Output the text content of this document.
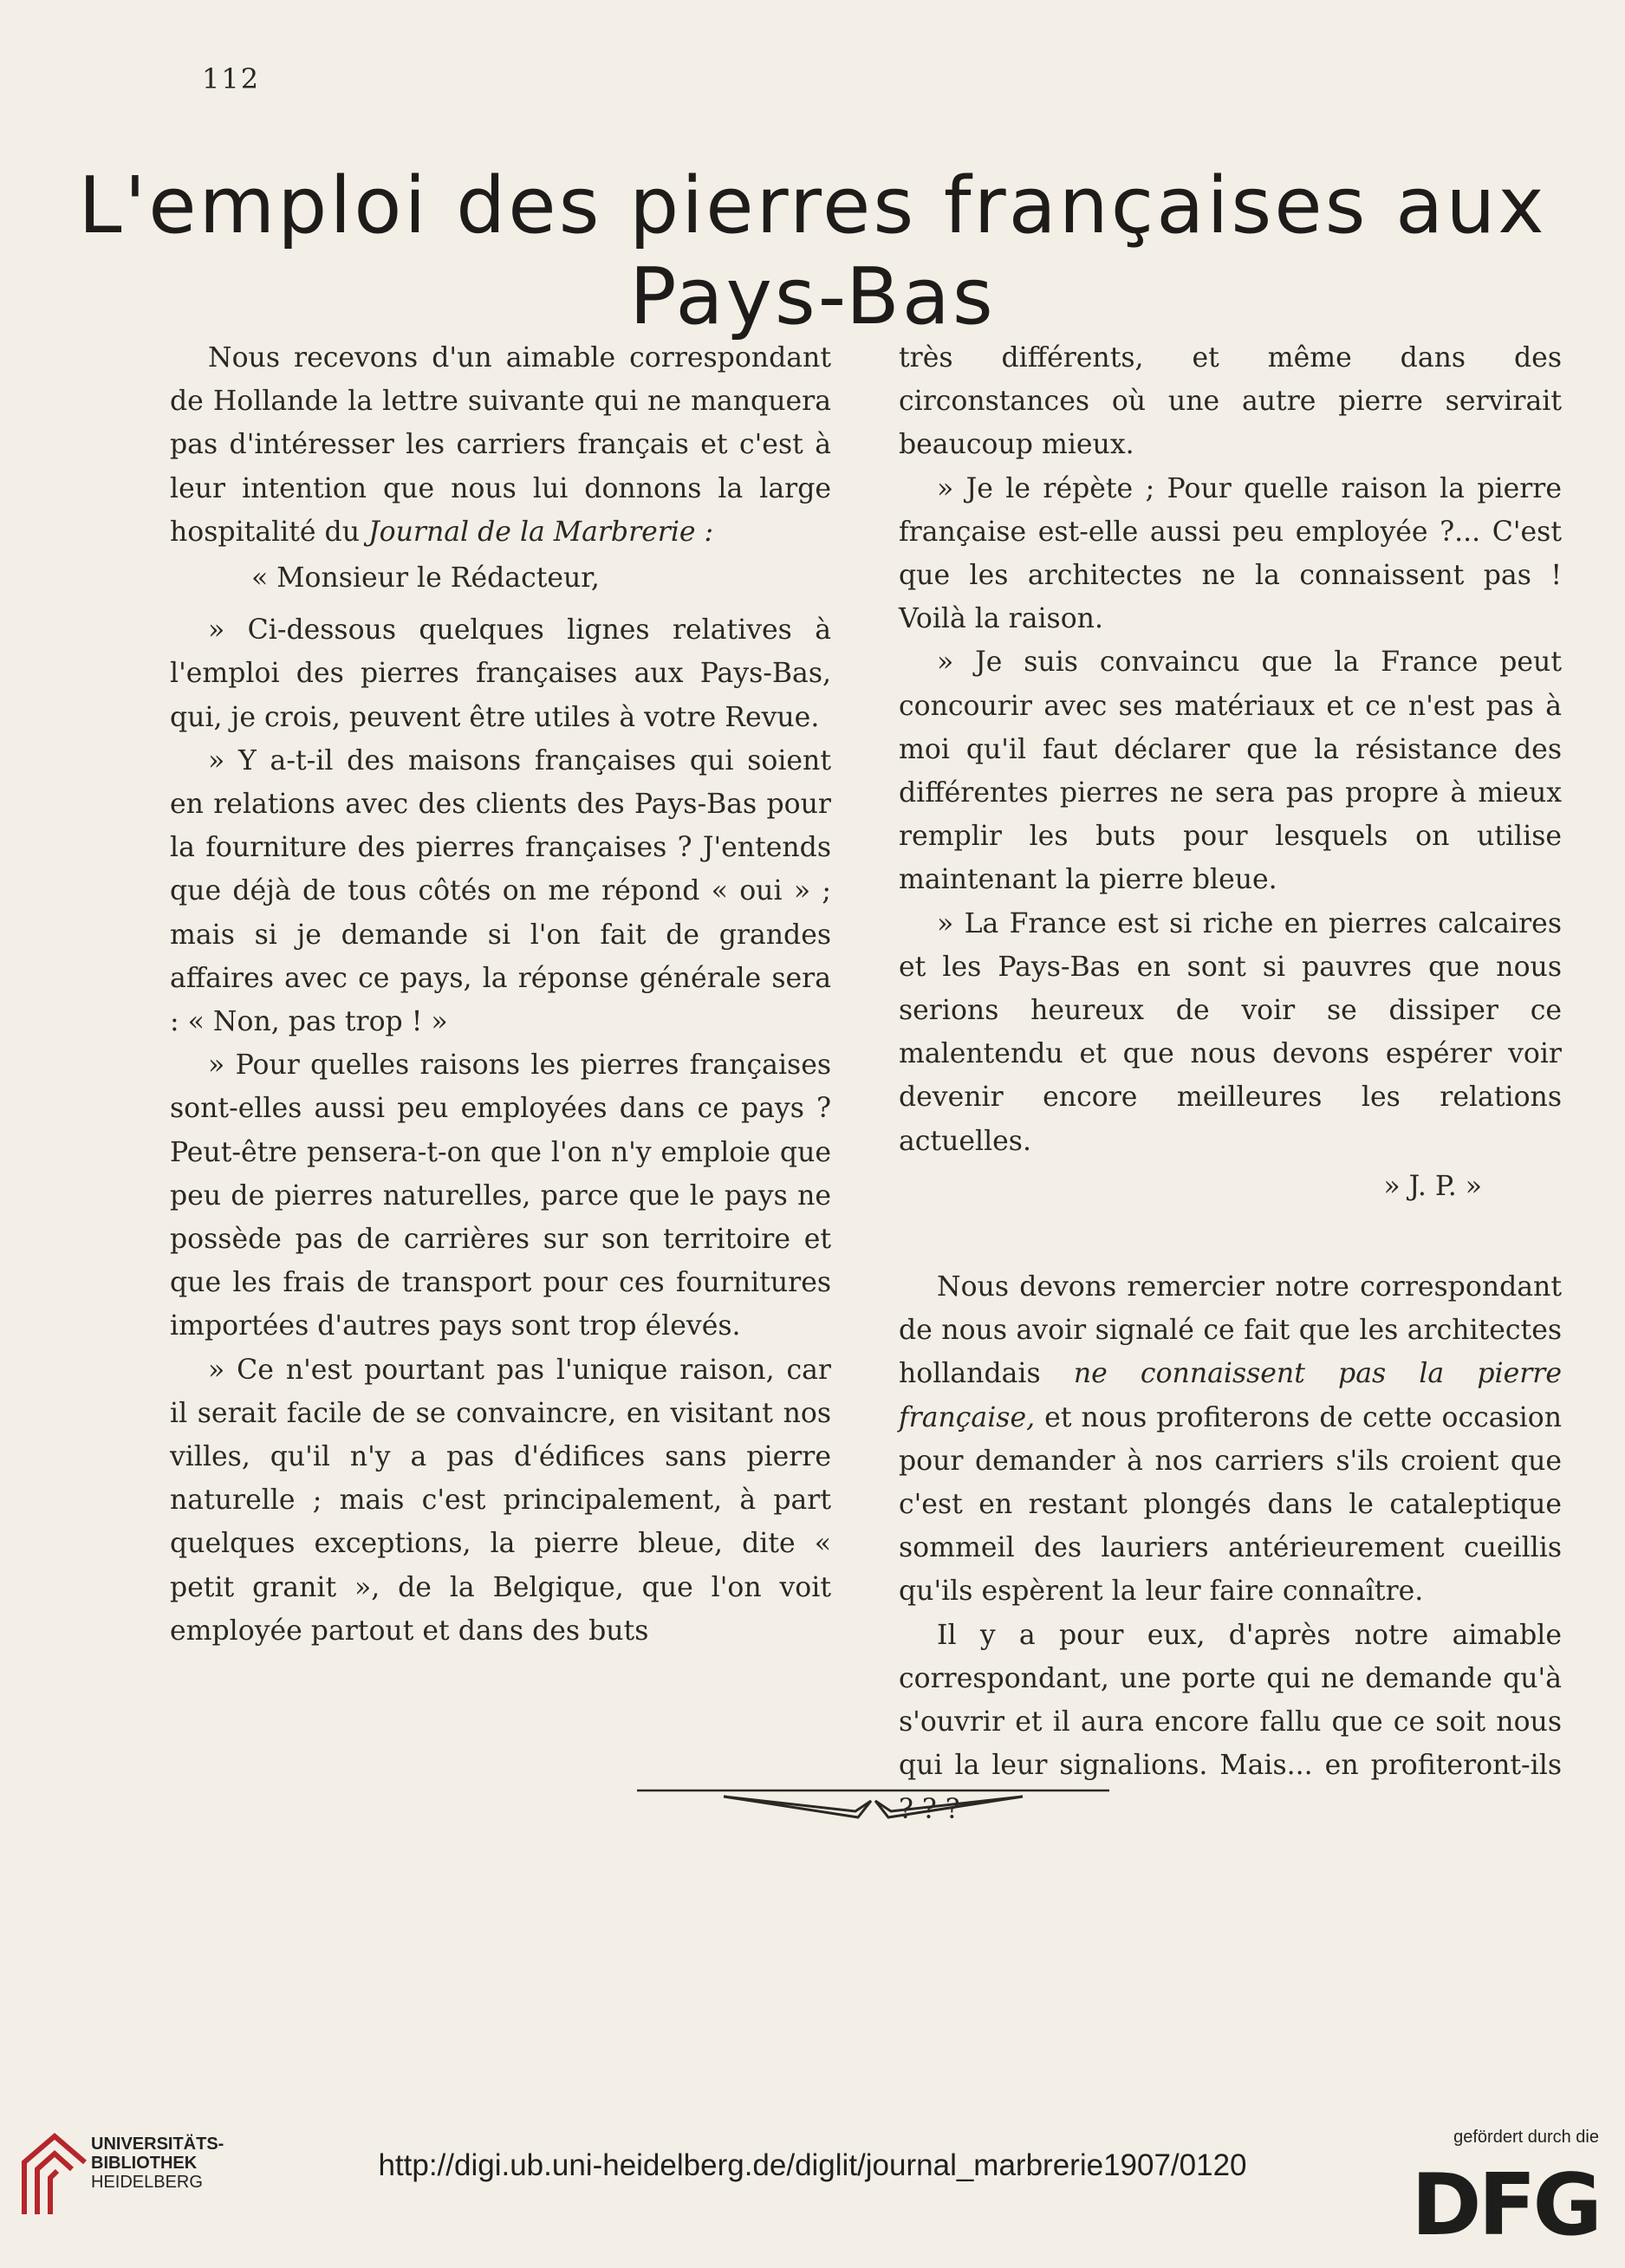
112
L'emploi des pierres françaises aux Pays-Bas

Nous recevons d'un aimable correspondant de Hollande la lettre suivante qui ne manquera pas d'intéresser les carriers français et c'est à leur intention que nous lui donnons la large hospitalité du Journal de la Marbrerie :

« Monsieur le Rédacteur,

» Ci-dessous quelques lignes relatives à l'emploi des pierres françaises aux Pays-Bas, qui, je crois, peuvent être utiles à votre Revue.

» Y a-t-il des maisons françaises qui soient en relations avec des clients des Pays-Bas pour la fourniture des pierres françaises ? J'entends que déjà de tous côtés on me répond « oui » ; mais si je demande si l'on fait de grandes affaires avec ce pays, la réponse générale sera : « Non, pas trop ! »

» Pour quelles raisons les pierres françaises sont-elles aussi peu employées dans ce pays ? Peut-être pensera-t-on que l'on n'y emploie que peu de pierres naturelles, parce que le pays ne possède pas de carrières sur son territoire et que les frais de transport pour ces fournitures importées d'autres pays sont trop élevés.

» Ce n'est pourtant pas l'unique raison, car il serait facile de se convaincre, en visitant nos villes, qu'il n'y a pas d'édifices sans pierre naturelle ; mais c'est principalement, à part quelques exceptions, la pierre bleue, dite « petit granit », de la Belgique, que l'on voit employée partout et dans des buts

très différents, et même dans des circonstances où une autre pierre servirait beaucoup mieux.

» Je le répète ; Pour quelle raison la pierre française est-elle aussi peu employée ?... C'est que les architectes ne la connaissent pas ! Voilà la raison.

» Je suis convaincu que la France peut concourir avec ses matériaux et ce n'est pas à moi qu'il faut déclarer que la résistance des différentes pierres ne sera pas propre à mieux remplir les buts pour lesquels on utilise maintenant la pierre bleue.

» La France est si riche en pierres calcaires et les Pays-Bas en sont si pauvres que nous serions heureux de voir se dissiper ce malentendu et que nous devons espérer voir devenir encore meilleures les relations actuelles.

» J. P. »

Nous devons remercier notre correspondant de nous avoir signalé ce fait que les architectes hollandais ne connaissent pas la pierre française, et nous profiterons de cette occasion pour demander à nos carriers s'ils croient que c'est en restant plongés dans le cataleptique sommeil des lauriers antérieurement cueillis qu'ils espèrent la leur faire connaître.

Il y a pour eux, d'après notre aimable correspondant, une porte qui ne demande qu'à s'ouvrir et il aura encore fallu que ce soit nous qui la leur signalions. Mais... en profiteront-ils ? ? ?

UNIVERSITÄTS-
BIBLIOTHEK
HEIDELBERG	http://digi.ub.uni-heidelberg.de/diglit/journal_marbrerie1907/0120
gefördert durch die
DFG
